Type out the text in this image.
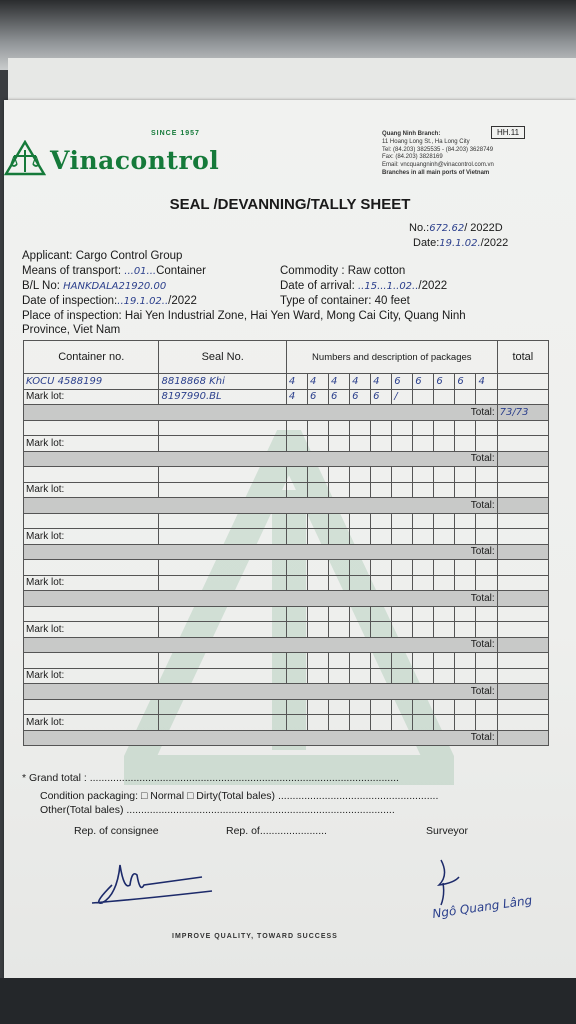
Vinacontrol
SINCE 1957	Quang Ninh Branch:
11 Hoang Long St., Ha Long City
Tel: (84.203) 3825535 - (84.203) 3628749
Fax: (84.203) 3828169
Email: vncquangninh@vinacontrol.com.vn
Branches in all main ports of Vietnam
HH.11
SEAL /DEVANNING/TALLY SHEET
No.:672.62/ 2022D
Date:19.1.02./2022
Applicant: Cargo Control Group
Means of transport: ...01...Container	Commodity : Raw cotton
B/L No: HANKDALA21920.00	Date of arrival: ..15...1..02../2022
Date of inspection:..19.1.02../2022	Type of container: 40 feet
Place of inspection: Hai Yen Industrial Zone, Hai Yen Ward, Mong Cai City, Quang Ninh
Province, Viet Nam
Container no.	Seal No.	Numbers and description of packages										total
KOCU 4588199	8818868 Khi	4	4	4	4	4	6	6	6	6	4	
Mark lot:	8197990.BL	4	6	6	6	6	/					
Total:												73/73

Mark lot:												
Total:												

Mark lot:												
Total:												

Mark lot:												
Total:												

Mark lot:												
Total:												

Mark lot:												
Total:												

Mark lot:												
Total:												

Mark lot:												
Total:												
* Grand total : ..........................................................................................................
Condition packaging: □ Normal □ Dirty(Total bales) .......................................................
Other(Total bales) ............................................................................................
Rep. of consignee	Rep. of.......................	Surveyor
Ngô Quang Lâng
IMPROVE QUALITY, TOWARD SUCCESS
